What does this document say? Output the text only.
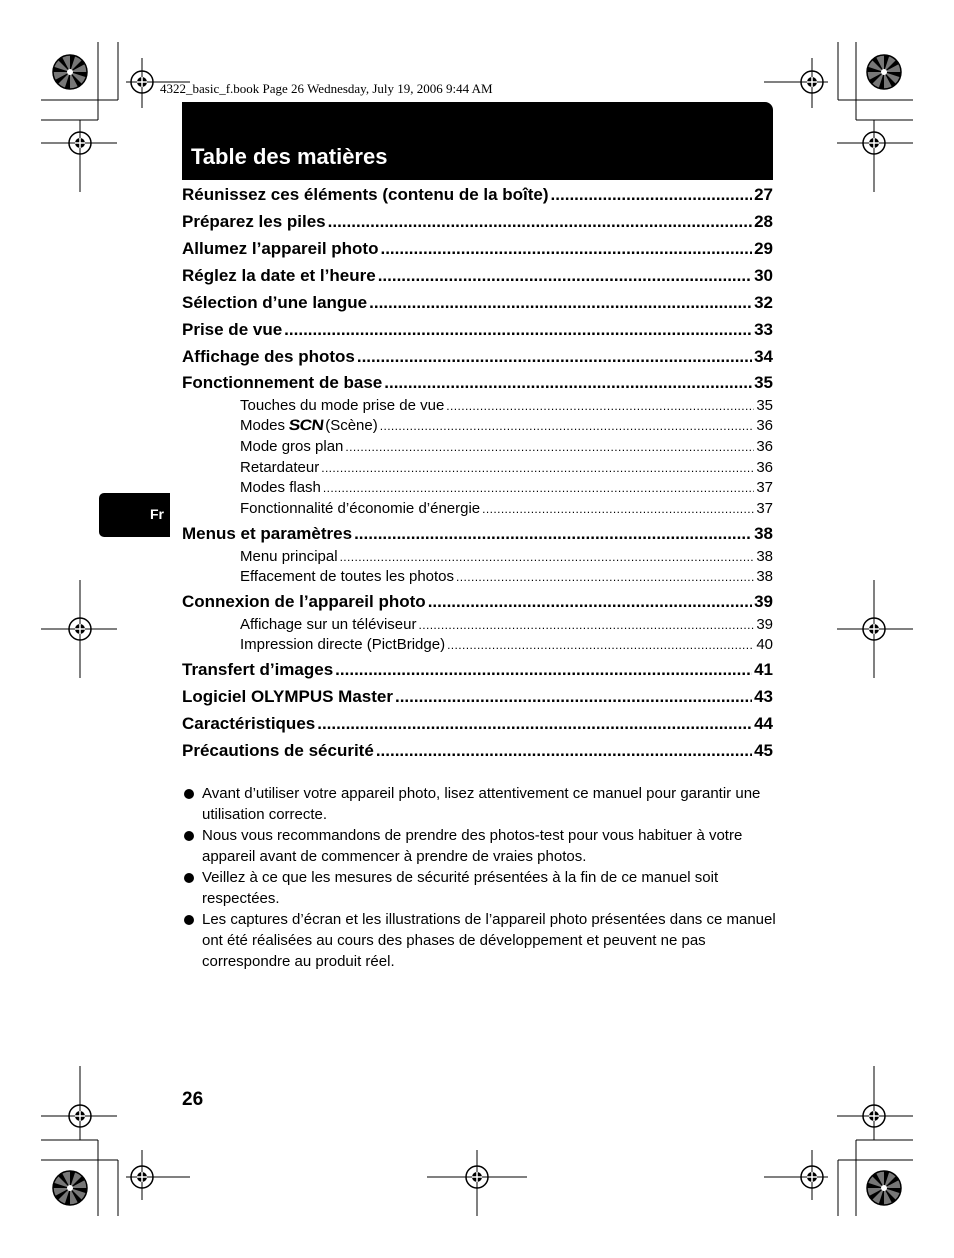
4322_basic_f.book Page 26 Wednesday, July 19, 2006 9:44 AM
Table des matières
Fr
Réunissez ces éléments (contenu de la boîte) .....	27
Préparez les piles .....	28
Allumez l’appareil photo .....	29
Réglez la date et l’heure .....	30
Sélection d’une langue .....	32
Prise de vue .....	33
Affichage des photos .....	34
Fonctionnement de base .....	35
Touches du mode prise de vue .....	35
Modes SCN (Scène) .....	36
Mode gros plan .....	36
Retardateur .....	36
Modes flash .....	37
Fonctionnalité d’économie d’énergie .....	37
Menus et paramètres .....	38
Menu principal .....	38
Effacement de toutes les photos .....	38
Connexion de l’appareil photo .....	39
Affichage sur un téléviseur .....	39
Impression directe (PictBridge) .....	40
Transfert d’images .....	41
Logiciel OLYMPUS Master .....	43
Caractéristiques .....	44
Précautions de sécurité .....	45
Avant d’utiliser votre appareil photo, lisez attentivement ce manuel pour garantir une utilisation correcte.
Nous vous recommandons de prendre des photos-test pour vous habituer à votre appareil avant de commencer à prendre de vraies photos.
Veillez à ce que les mesures de sécurité présentées à la fin de ce manuel soit respectées.
Les captures d’écran et les illustrations de l’appareil photo présentées dans ce manuel ont été réalisées au cours des phases de développement et peuvent ne pas correspondre au produit réel.
26
